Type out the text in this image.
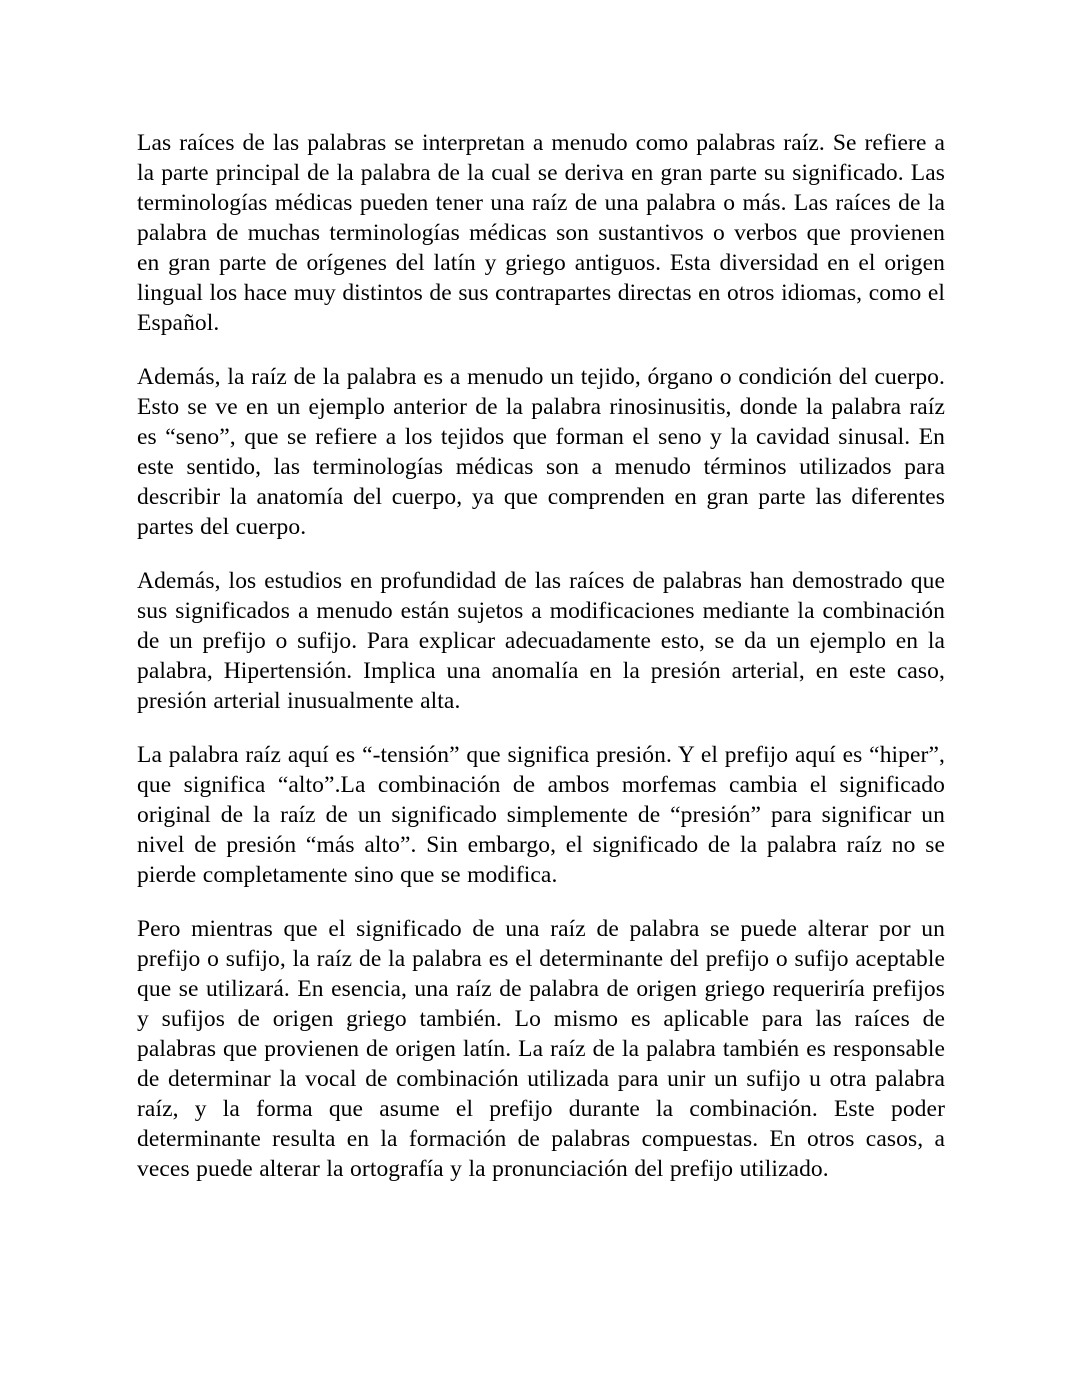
Las raíces de las palabras se interpretan a menudo como palabras raíz. Se refiere a la parte principal de la palabra de la cual se deriva en gran parte su significado. Las terminologías médicas pueden tener una raíz de una palabra o más. Las raíces de la palabra de muchas terminologías médicas son sustantivos o verbos que provienen en gran parte de orígenes del latín y griego antiguos. Esta diversidad en el origen lingual los hace muy distintos de sus contrapartes directas en otros idiomas, como el Español.

Además, la raíz de la palabra es a menudo un tejido, órgano o condición del cuerpo. Esto se ve en un ejemplo anterior de la palabra rinosinusitis, donde la palabra raíz es “seno”, que se refiere a los tejidos que forman el seno y la cavidad sinusal. En este sentido, las terminologías médicas son a menudo términos utilizados para describir la anatomía del cuerpo, ya que comprenden en gran parte las diferentes partes del cuerpo.

Además, los estudios en profundidad de las raíces de palabras han demostrado que sus significados a menudo están sujetos a modificaciones mediante la combinación de un prefijo o sufijo. Para explicar adecuadamente esto, se da un ejemplo en la palabra, Hipertensión. Implica una anomalía en la presión arterial, en este caso, presión arterial inusualmente alta.

La palabra raíz aquí es “-tensión” que significa presión. Y el prefijo aquí es “hiper”, que significa “alto”.La combinación de ambos morfemas cambia el significado original de la raíz de un significado simplemente de “presión” para significar un nivel de presión “más alto”. Sin embargo, el significado de la palabra raíz no se pierde completamente sino que se modifica.

Pero mientras que el significado de una raíz de palabra se puede alterar por un prefijo o sufijo, la raíz de la palabra es el determinante del prefijo o sufijo aceptable que se utilizará. En esencia, una raíz de palabra de origen griego requeriría prefijos y sufijos de origen griego también. Lo mismo es aplicable para las raíces de palabras que provienen de origen latín. La raíz de la palabra también es responsable de determinar la vocal de combinación utilizada para unir un sufijo u otra palabra raíz, y la forma que asume el prefijo durante la combinación. Este poder determinante resulta en la formación de palabras compuestas. En otros casos, a veces puede alterar la ortografía y la pronunciación del prefijo utilizado.
